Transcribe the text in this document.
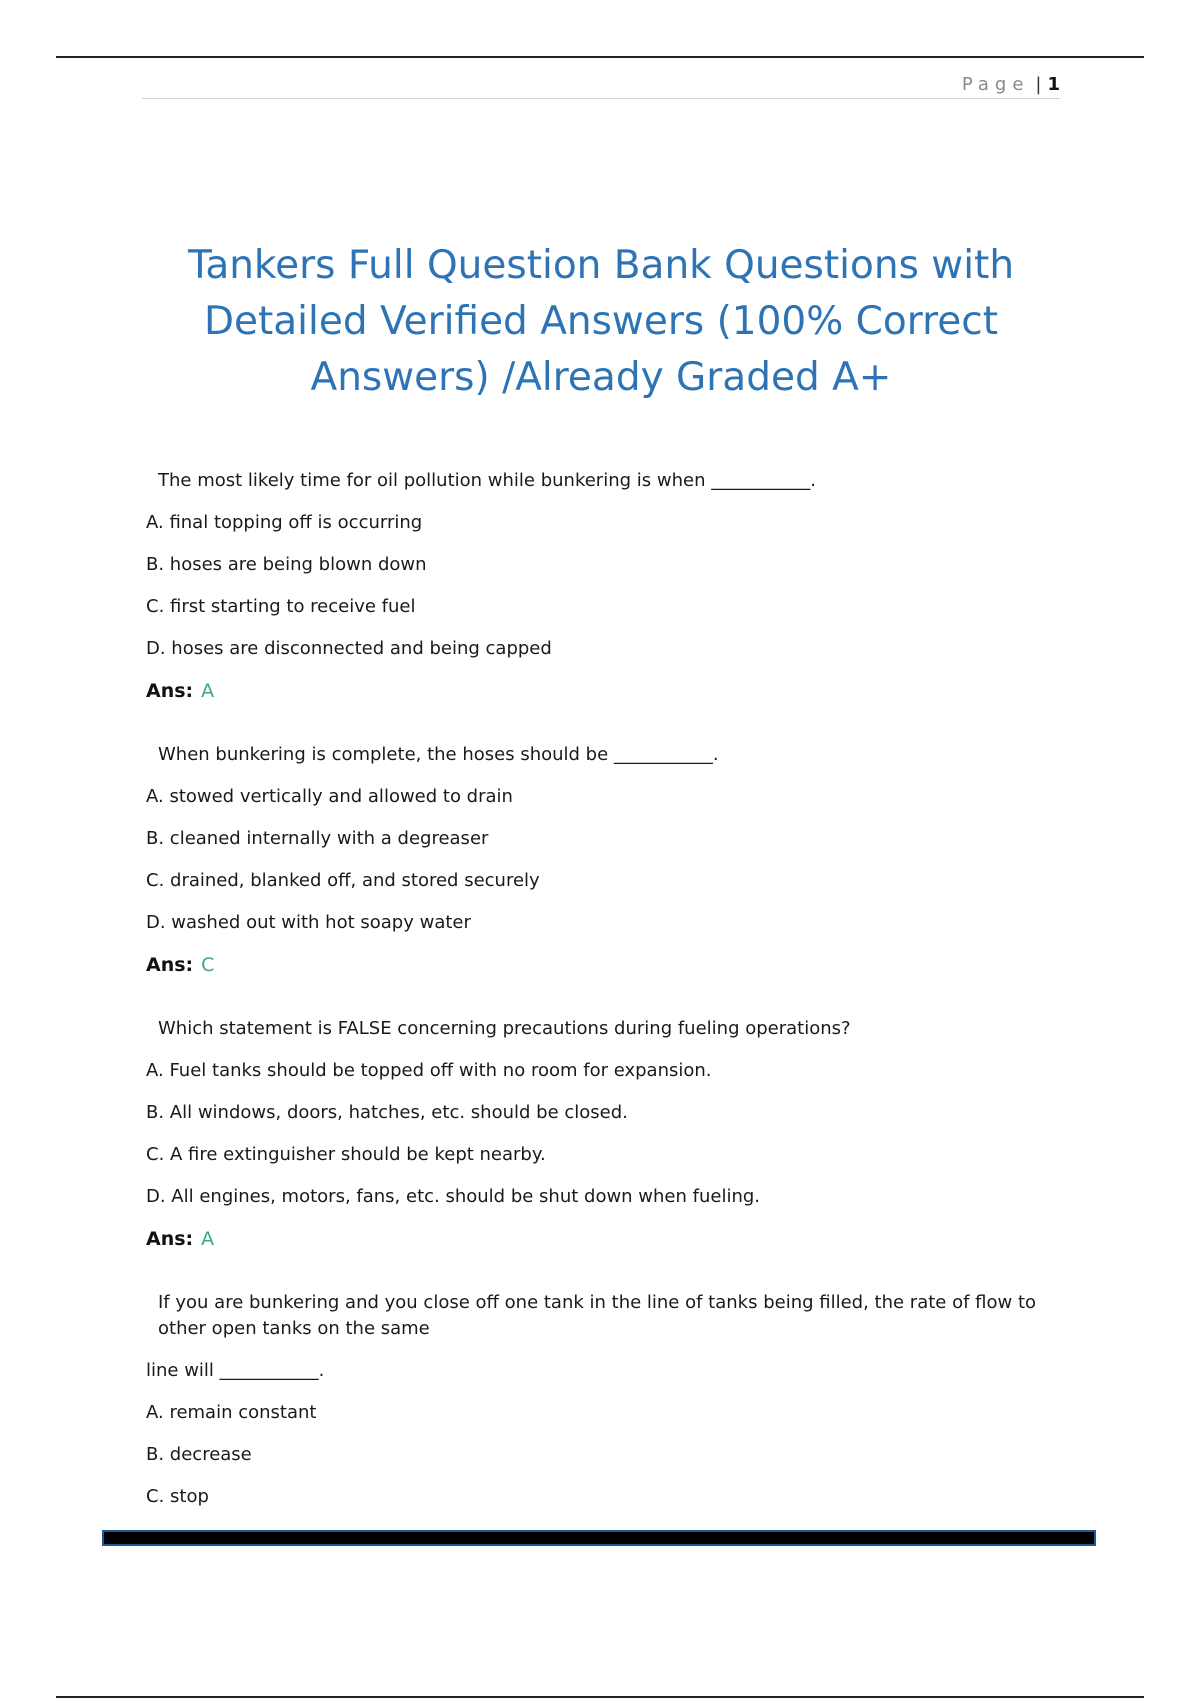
Page | 1
Tankers Full Question Bank Questions with Detailed Verified Answers (100% Correct Answers) /Already Graded A+

The most likely time for oil pollution while bunkering is when ___________.

A. final topping off is occurring

B. hoses are being blown down

C. first starting to receive fuel

D. hoses are disconnected and being capped

Ans: A

When bunkering is complete, the hoses should be ___________.

A. stowed vertically and allowed to drain

B. cleaned internally with a degreaser

C. drained, blanked off, and stored securely

D. washed out with hot soapy water

Ans: C

Which statement is FALSE concerning precautions during fueling operations?

A. Fuel tanks should be topped off with no room for expansion.

B. All windows, doors, hatches, etc. should be closed.

C. A fire extinguisher should be kept nearby.

D. All engines, motors, fans, etc. should be shut down when fueling.

Ans: A

If you are bunkering and you close off one tank in the line of tanks being filled, the rate of flow to other open tanks on the same

line will ___________.

A. remain constant

B. decrease

C. stop
